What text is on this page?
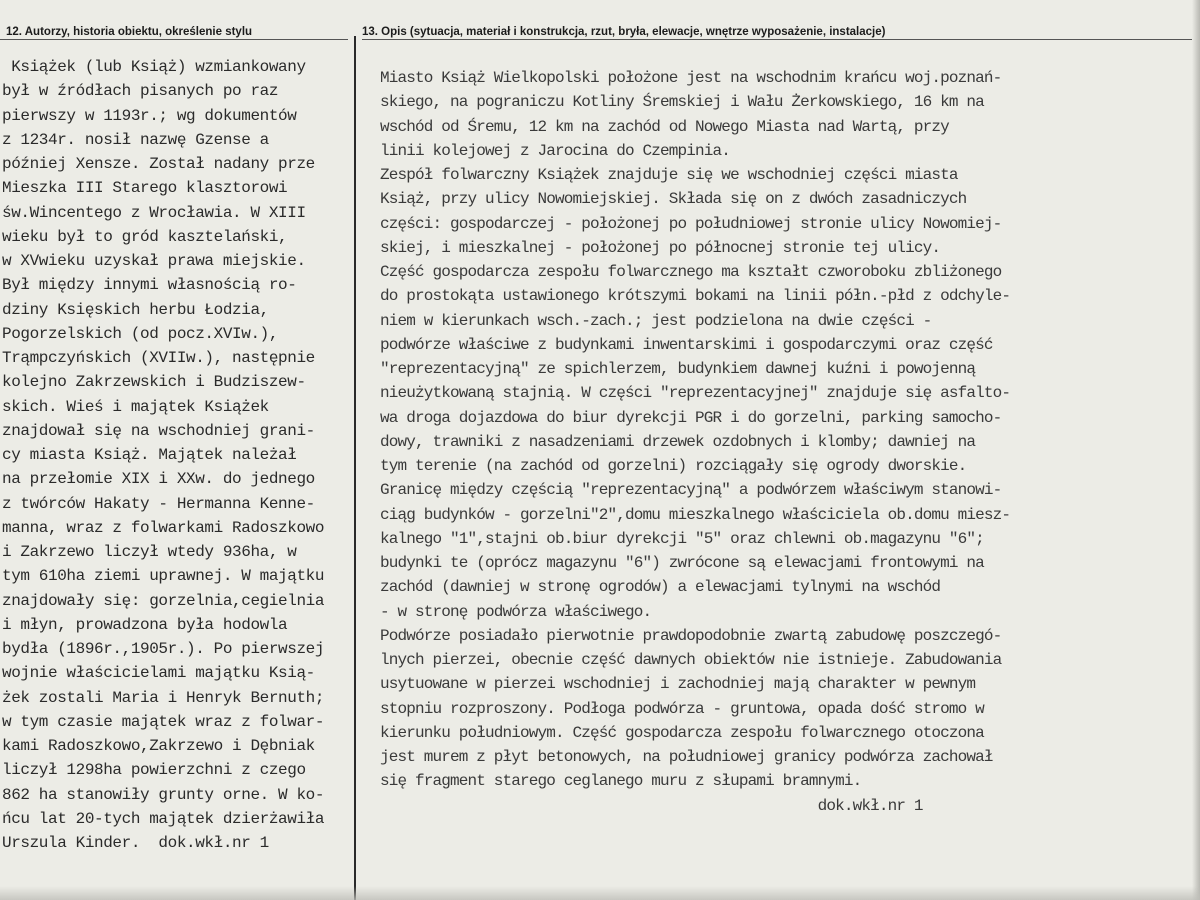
12. Autorzy, historia obiektu, określenie stylu	13. Opis (sytuacja, materiał i konstrukcja, rzut, bryła, elewacje, wnętrze wyposażenie, instalacje)
Książek (lub Książ) wzmiankowany
był w źródłach pisanych po raz
pierwszy w 1193r.; wg dokumentów
z 1234r. nosił nazwę Gzense a
później Xensze. Został nadany prze
Mieszka III Starego klasztorowi
św.Wincentego z Wrocławia. W XIII
wieku był to gród kasztelański,
w XVwieku uzyskał prawa miejskie.
Był między innymi własnością ro-
dziny Księskich herbu Łodzia,
Pogorzelskich (od pocz.XVIw.),
Trąmpczyńskich (XVIIw.), następnie
kolejno Zakrzewskich i Budziszew-
skich. Wieś i majątek Książek
znajdował się na wschodniej grani-
cy miasta Książ. Majątek należał
na przełomie XIX i XXw. do jednego
z twórców Hakaty - Hermanna Kenne-
manna, wraz z folwarkami Radoszkowo
i Zakrzewo liczył wtedy 936ha, w
tym 610ha ziemi uprawnej. W majątku
znajdowały się: gorzelnia,cegielnia
i młyn, prowadzona była hodowla
bydła (1896r.,1905r.). Po pierwszej
wojnie właścicielami majątku Ksią-
żek zostali Maria i Henryk Bernuth;
w tym czasie majątek wraz z folwar-
kami Radoszkowo,Zakrzewo i Dębniak
liczył 1298ha powierzchni z czego
862 ha stanowiły grunty orne. W ko-
ńcu lat 20-tych majątek dzierżawiła
Urszula Kinder.  dok.wkł.nr 1
Miasto Książ Wielkopolski położone jest na wschodnim krańcu woj.poznań-
skiego, na pograniczu Kotliny Śremskiej i Wału Żerkowskiego, 16 km na
wschód od Śremu, 12 km na zachód od Nowego Miasta nad Wartą, przy
linii kolejowej z Jarocina do Czempinia.
Zespół folwarczny Książek znajduje się we wschodniej części miasta
Książ, przy ulicy Nowomiejskiej. Składa się on z dwóch zasadniczych
części: gospodarczej - położonej po południowej stronie ulicy Nowomiej-
skiej, i mieszkalnej - położonej po północnej stronie tej ulicy.
Część gospodarcza zespołu folwarcznego ma kształt czworoboku zbliżonego
do prostokąta ustawionego krótszymi bokami na linii półn.-płd z odchyle-
niem w kierunkach wsch.-zach.; jest podzielona na dwie części -
podwórze właściwe z budynkami inwentarskimi i gospodarczymi oraz część
"reprezentacyjną" ze spichlerzem, budynkiem dawnej kuźni i powojenną
nieużytkowaną stajnią. W części "reprezentacyjnej" znajduje się asfalto-
wa droga dojazdowa do biur dyrekcji PGR i do gorzelni, parking samocho-
dowy, trawniki z nasadzeniami drzewek ozdobnych i klomby; dawniej na
tym terenie (na zachód od gorzelni) rozciągały się ogrody dworskie.
Granicę między częścią "reprezentacyjną" a podwórzem właściwym stanowi-
ciąg budynków - gorzelni"2",domu mieszkalnego właściciela ob.domu miesz-
kalnego "1",stajni ob.biur dyrekcji "5" oraz chlewni ob.magazynu "6";
budynki te (oprócz magazynu "6") zwrócone są elewacjami frontowymi na
zachód (dawniej w stronę ogrodów) a elewacjami tylnymi na wschód
- w stronę podwórza właściwego.
Podwórze posiadało pierwotnie prawdopodobnie zwartą zabudowę poszczegó-
lnych pierzei, obecnie część dawnych obiektów nie istnieje. Zabudowania
usytuowane w pierzei wschodniej i zachodniej mają charakter w pewnym
stopniu rozproszony. Podłoga podwórza - gruntowa, opada dość stromo w
kierunku południowym. Część gospodarcza zespołu folwarcznego otoczona
jest murem z płyt betonowych, na południowej granicy podwórza zachował
się fragment starego ceglanego muru z słupami bramnymi.
dok.wkł.nr 1
